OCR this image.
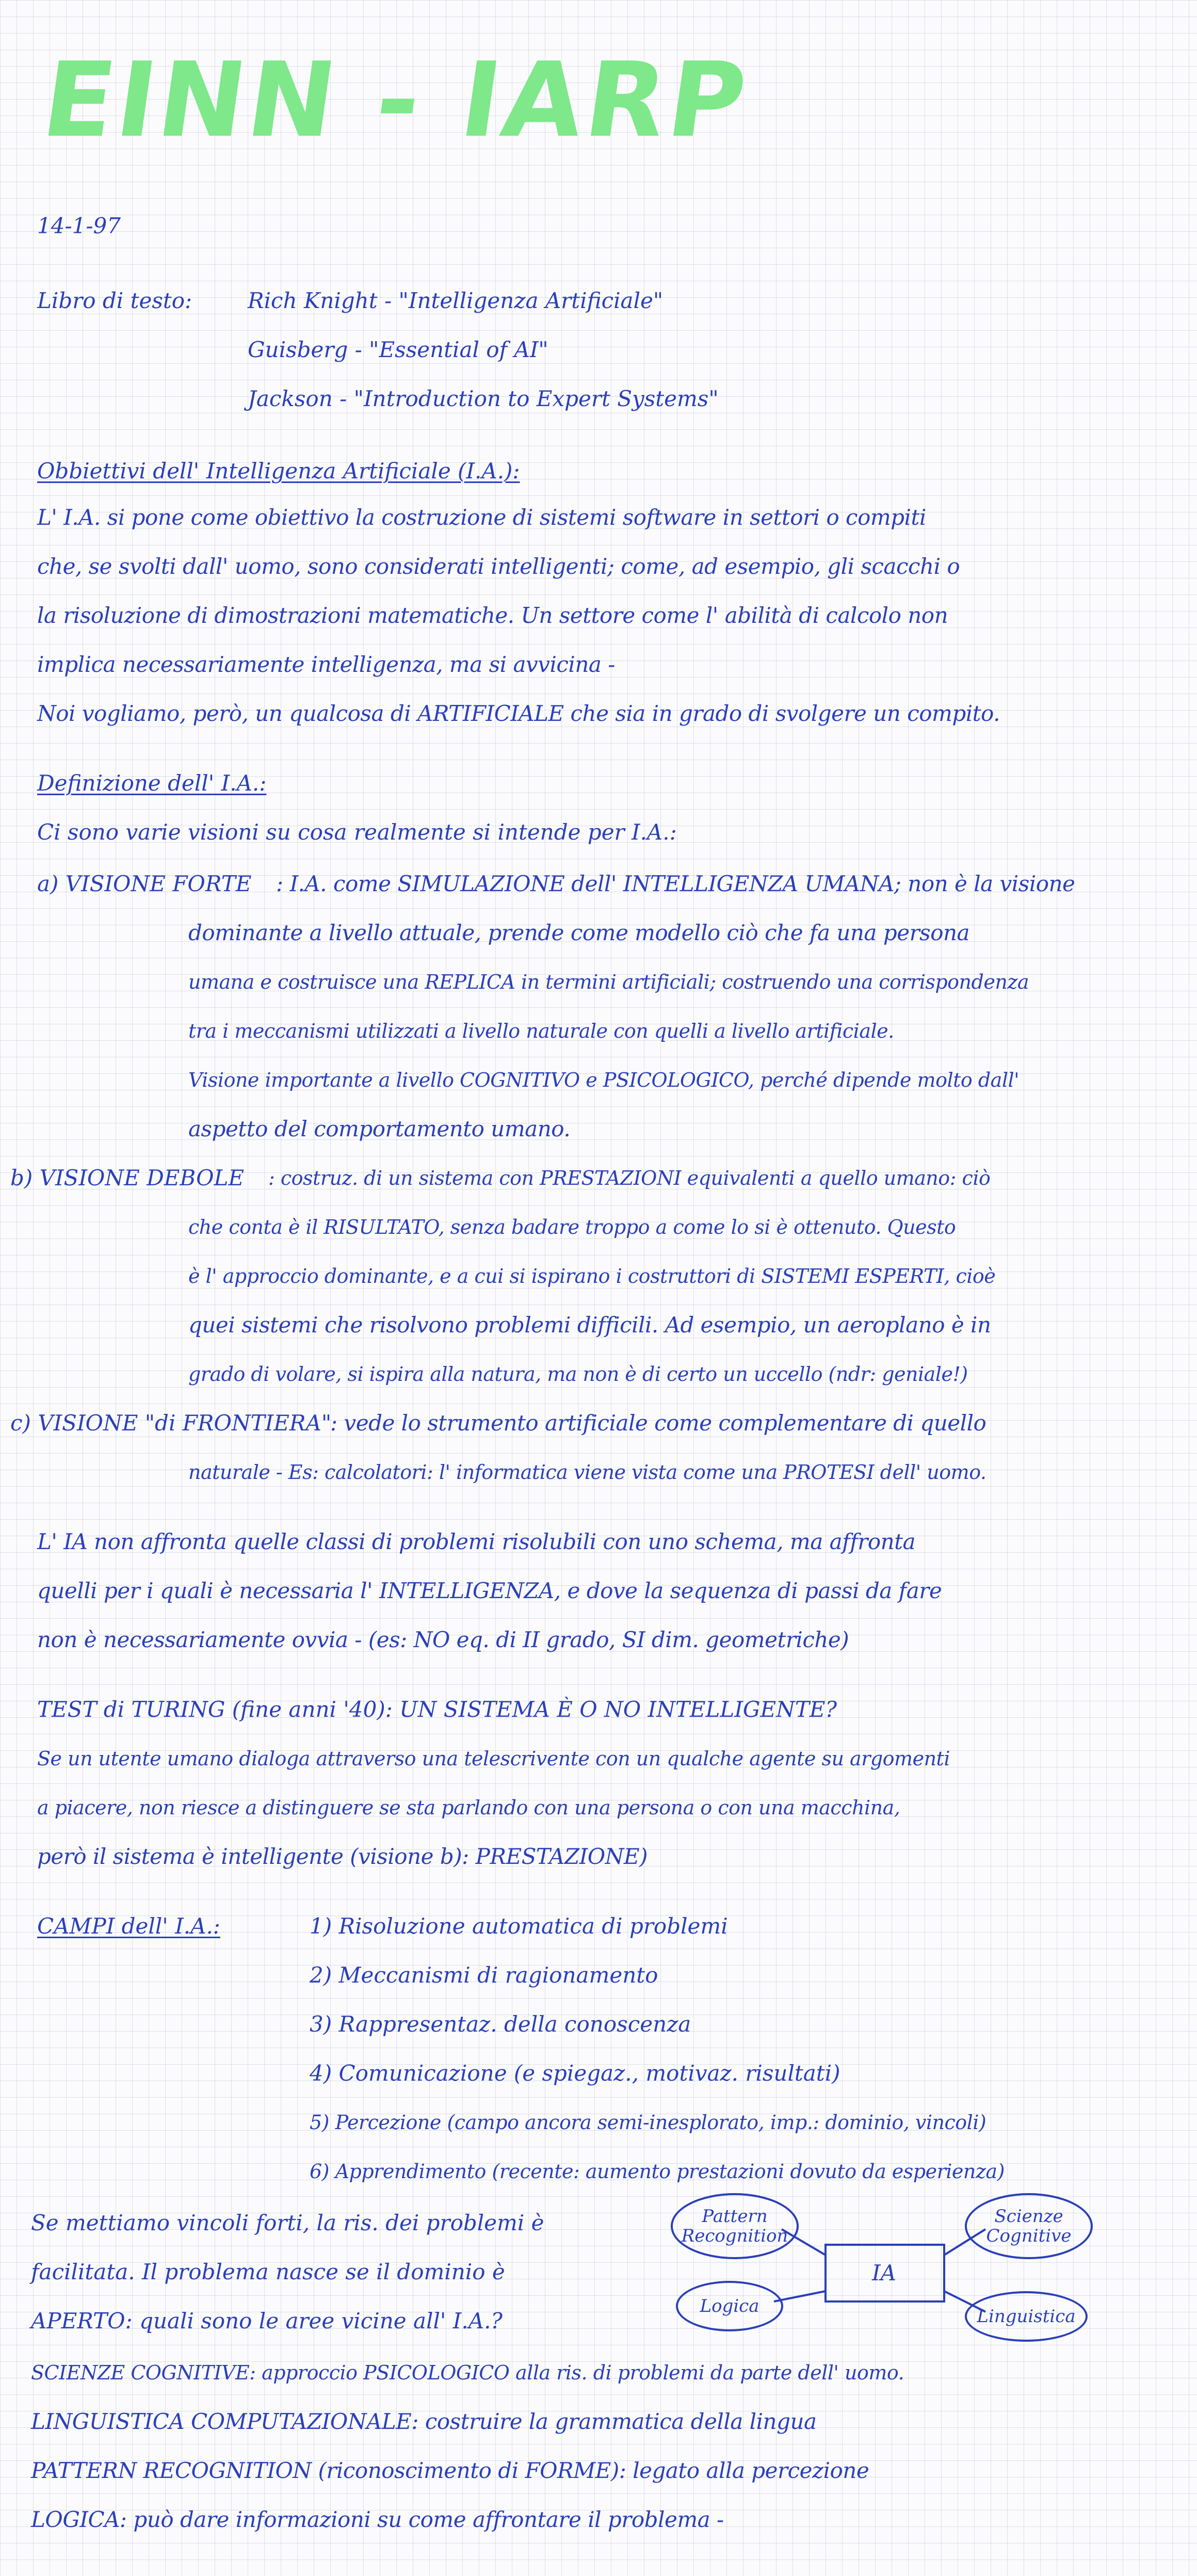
EINN - IARP
14-1-97
Libro di testo:	Rich Knight - "Intelligenza Artificiale"
Guisberg - "Essential of AI"
Jackson - "Introduction to Expert Systems"
Obbiettivi dell' Intelligenza Artificiale (I.A.):
L' I.A. si pone come obiettivo la costruzione di sistemi software in settori o compiti
che, se svolti dall' uomo, sono considerati intelligenti; come, ad esempio, gli scacchi o
la risoluzione di dimostrazioni matematiche. Un settore come l' abilità di calcolo non
implica necessariamente intelligenza, ma si avvicina -
Noi vogliamo, però, un qualcosa di ARTIFICIALE che sia in grado di svolgere un compito.
Definizione dell' I.A.:
Ci sono varie visioni su cosa realmente si intende per I.A.:
a) VISIONE FORTE : I.A. come SIMULAZIONE dell' INTELLIGENZA UMANA; non è la visione
dominante a livello attuale, prende come modello ciò che fa una persona
umana e costruisce una REPLICA in termini artificiali; costruendo una corrispondenza
tra i meccanismi utilizzati a livello naturale con quelli a livello artificiale.
Visione importante a livello COGNITIVO e PSICOLOGICO, perché dipende molto dall'
aspetto del comportamento umano.
b) VISIONE DEBOLE : costruz. di un sistema con PRESTAZIONI equivalenti a quello umano: ciò
che conta è il RISULTATO, senza badare troppo a come lo si è ottenuto. Questo
è l' approccio dominante, e a cui si ispirano i costruttori di SISTEMI ESPERTI, cioè
quei sistemi che risolvono problemi difficili. Ad esempio, un aeroplano è in
grado di volare, si ispira alla natura, ma non è di certo un uccello (ndr: geniale!)
c) VISIONE "di FRONTIERA"
: vede lo strumento artificiale come complementare di quello
naturale - Es: calcolatori: l' informatica viene vista come una PROTESI dell' uomo.
L' IA non affronta quelle classi di problemi risolubili con uno schema, ma affronta
quelli per i quali è necessaria l' INTELLIGENZA, e dove la sequenza di passi da fare
non è necessariamente ovvia - (es: NO eq. di II grado, SI dim. geometriche)
TEST di TURING (fine anni '40): UN SISTEMA È O NO INTELLIGENTE?
Se un utente umano dialoga attraverso una telescrivente con un qualche agente su argomenti
a piacere, non riesce a distinguere se sta parlando con una persona o con una macchina,
però il sistema è intelligente (visione b): PRESTAZIONE)
CAMPI dell' I.A.:	1) Risoluzione automatica di problemi
2) Meccanismi di ragionamento
3) Rappresentaz. della conoscenza
4) Comunicazione (e spiegaz., motivaz. risultati)
5) Percezione (campo ancora semi-inesplorato, imp.: dominio, vincoli)
6) Apprendimento (recente: aumento prestazioni dovuto da esperienza)
Se mettiamo vincoli forti, la ris. dei problemi è
facilitata. Il problema nasce se il dominio è
APERTO: quali sono le aree vicine all' I.A.?
IA
Pattern Recognition
Scienze Cognitive
Logica	Linguistica
SCIENZE COGNITIVE: approccio PSICOLOGICO alla ris. di problemi da parte dell' uomo.
LINGUISTICA COMPUTAZIONALE: costruire la grammatica della lingua
PATTERN RECOGNITION (riconoscimento di FORME): legato alla percezione
LOGICA: può dare informazioni su come affrontare il problema -
